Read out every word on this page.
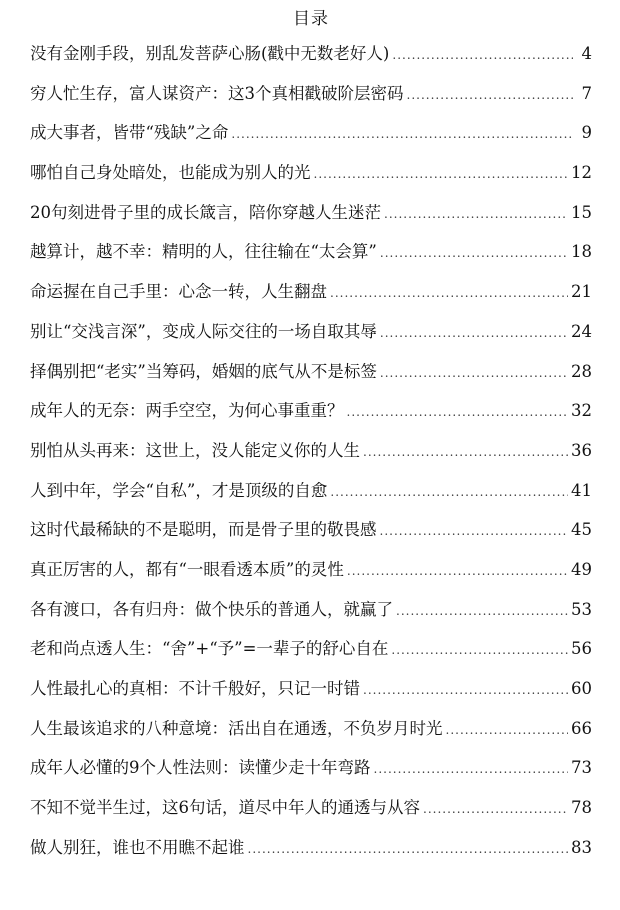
目录
没有金刚手段，别乱发菩萨心肠(戳中无数老好人) .....	4
穷人忙生存，富人谋资产：这3个真相戳破阶层密码 .....	7
成大事者，皆带“残缺”之命 .....	9
哪怕自己身处暗处，也能成为别人的光 .....	12
20句刻进骨子里的成长箴言，陪你穿越人生迷茫 .....	15
越算计，越不幸：精明的人，往往输在“太会算” .....	18
命运握在自己手里：心念一转，人生翻盘 .....	21
别让“交浅言深”，变成人际交往的一场自取其辱 .....	24
择偶别把“老实”当筹码，婚姻的底气从不是标签 .....	28
成年人的无奈：两手空空，为何心事重重？ .....	32
别怕从头再来：这世上，没人能定义你的人生 .....	36
人到中年，学会“自私”，才是顶级的自愈 .....	41
这时代最稀缺的不是聪明，而是骨子里的敬畏感 .....	45
真正厉害的人，都有“一眼看透本质”的灵性 .....	49
各有渡口，各有归舟：做个快乐的普通人，就赢了 .....	53
老和尚点透人生：“舍”+“予”=一辈子的舒心自在 .....	56
人性最扎心的真相：不计千般好，只记一时错 .....	60
人生最该追求的八种意境：活出自在通透，不负岁月时光 .....	66
成年人必懂的9个人性法则：读懂少走十年弯路 .....	73
不知不觉半生过，这6句话，道尽中年人的通透与从容 .....	78
做人别狂，谁也不用瞧不起谁 .....	83
